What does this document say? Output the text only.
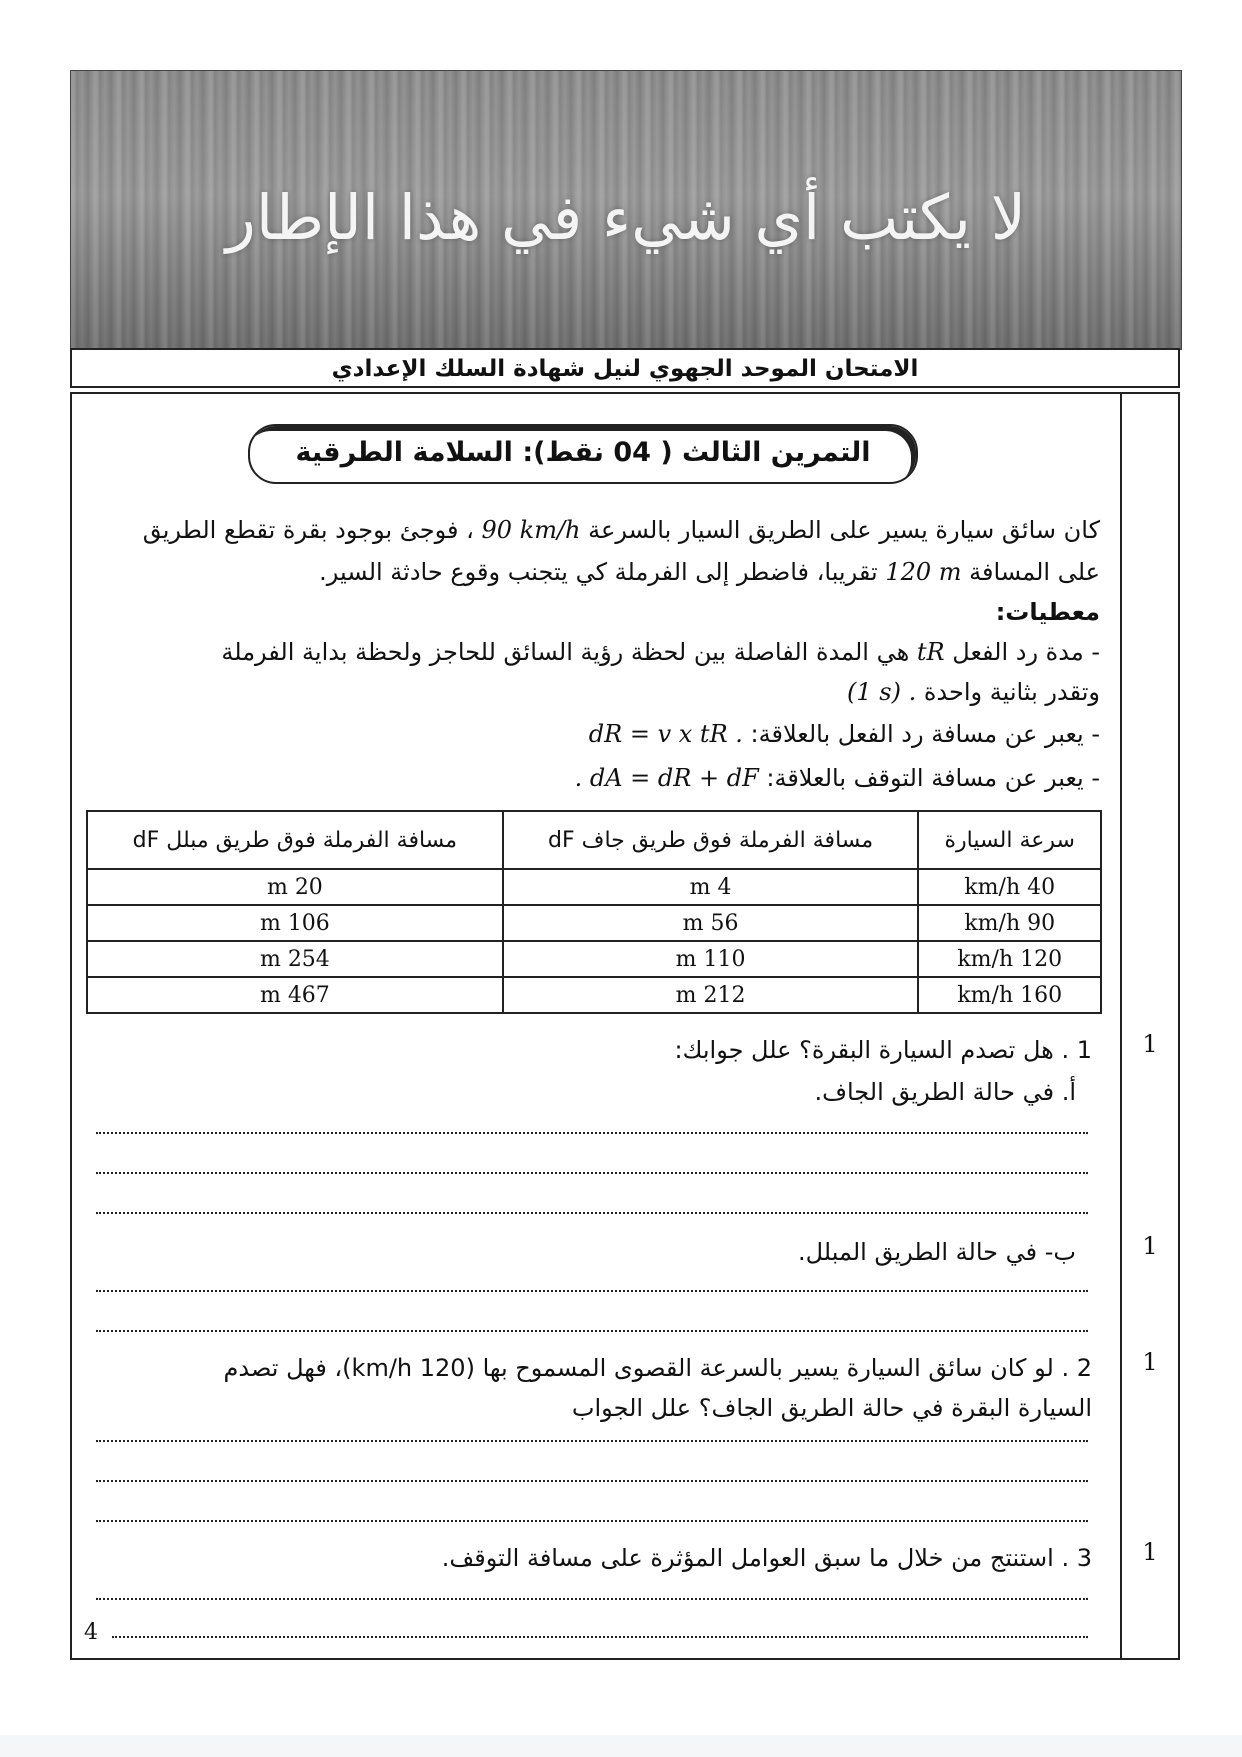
لا يكتب أي شيء في هذا الإطار
الامتحان الموحد الجهوي لنيل شهادة السلك الإعدادي
التمرين الثالث ( 04 نقط): السلامة الطرقية
كان سائق سيارة يسير على الطريق السيار بالسرعة 90 km/h ، فوجئ بوجود بقرة تقطع الطريق
على المسافة 120 m تقريبا، فاضطر إلى الفرملة كي يتجنب وقوع حادثة السير.
معطيات:
- مدة رد الفعل tR هي المدة الفاصلة بين لحظة رؤية السائق للحاجز ولحظة بداية الفرملة
وتقدر بثانية واحدة (1 s) .
- يعبر عن مسافة رد الفعل بالعلاقة: dR = v x tR .
- يعبر عن مسافة التوقف بالعلاقة: . dA = dR + dF
سرعة السيارة	مسافة الفرملة فوق طريق جاف dF	مسافة الفرملة فوق طريق مبلل dF
40 km/h	4 m	20 m
90 km/h	56 m	106 m
120 km/h	110 m	254 m
160 km/h	212 m	467 m
1
1 . هل تصدم السيارة البقرة؟ علل جوابك:
أ. في حالة الطريق الجاف.
1
ب- في حالة الطريق المبلل.
1
2 . لو كان سائق السيارة يسير بالسرعة القصوى المسموح بها (120 km/h)، فهل تصدم
السيارة البقرة في حالة الطريق الجاف؟ علل الجواب
1
3 . استنتج من خلال ما سبق العوامل المؤثرة على مسافة التوقف.
4
